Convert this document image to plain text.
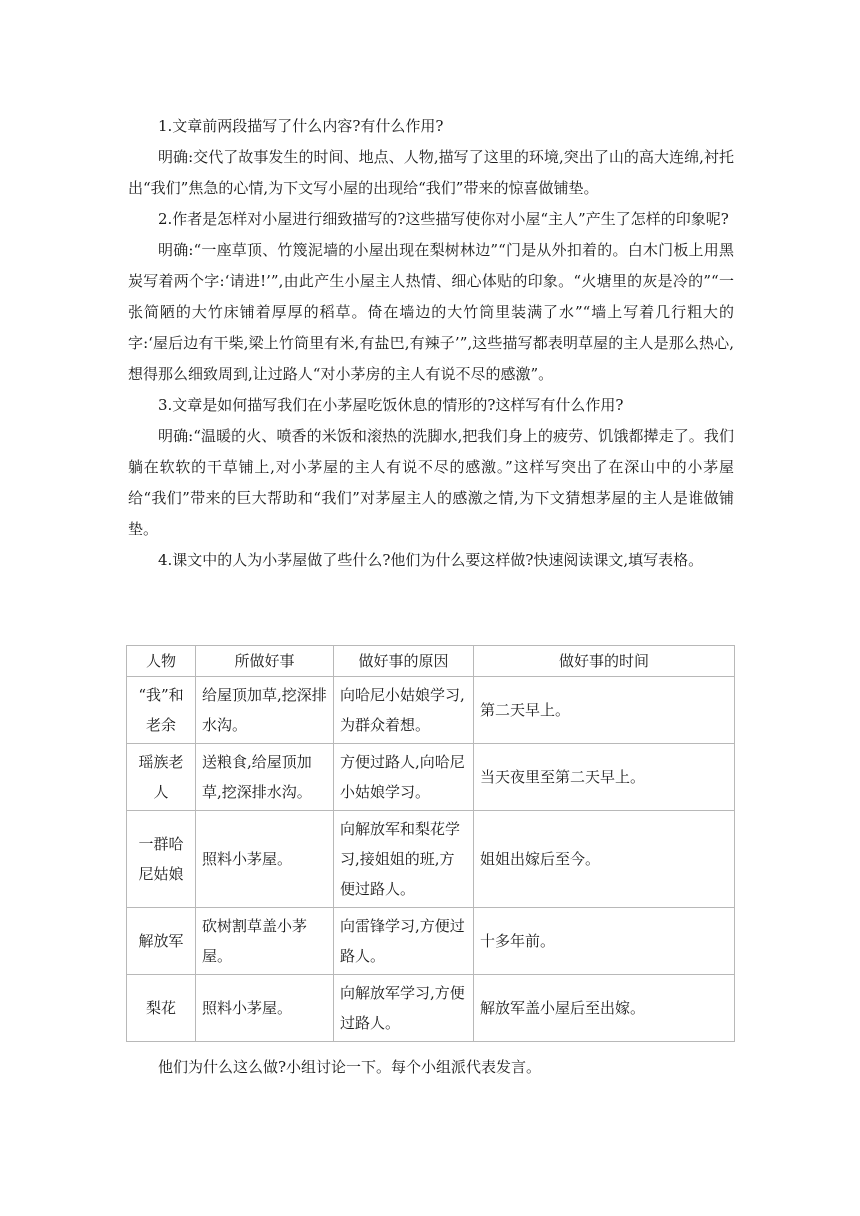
1.文章前两段描写了什么内容?有什么作用?

明确:交代了故事发生的时间、地点、人物,描写了这里的环境,突出了山的高大连绵,衬托出“我们”焦急的心情,为下文写小屋的出现给“我们”带来的惊喜做铺垫。

2.作者是怎样对小屋进行细致描写的?这些描写使你对小屋“主人”产生了怎样的印象呢?

明确:“一座草顶、竹篾泥墙的小屋出现在梨树林边”“门是从外扣着的。白木门板上用黑炭写着两个字:‘请进!’”,由此产生小屋主人热情、细心体贴的印象。“火塘里的灰是冷的”“一张简陋的大竹床铺着厚厚的稻草。倚在墙边的大竹筒里装满了水”“墙上写着几行粗大的字:‘屋后边有干柴,梁上竹筒里有米,有盐巴,有辣子’”,这些描写都表明草屋的主人是那么热心,想得那么细致周到,让过路人“对小茅房的主人有说不尽的感激”。

3.文章是如何描写我们在小茅屋吃饭休息的情形的?这样写有什么作用?

明确:“温暖的火、喷香的米饭和滚热的洗脚水,把我们身上的疲劳、饥饿都撵走了。我们躺在软软的干草铺上,对小茅屋的主人有说不尽的感激。”这样写突出了在深山中的小茅屋给“我们”带来的巨大帮助和“我们”对茅屋主人的感激之情,为下文猜想茅屋的主人是谁做铺垫。

4.课文中的人为小茅屋做了些什么?他们为什么要这样做?快速阅读课文,填写表格。

人物	所做好事	做好事的原因	做好事的时间
“我”和老余	给屋顶加草,挖深排水沟。	向哈尼小姑娘学习,为群众着想。	第二天早上。
瑶族老人	送粮食,给屋顶加草,挖深排水沟。	方便过路人,向哈尼小姑娘学习。	当天夜里至第二天早上。
一群哈尼姑娘	照料小茅屋。	向解放军和梨花学习,接姐姐的班,方便过路人。	姐姐出嫁后至今。
解放军	砍树割草盖小茅屋。	向雷锋学习,方便过路人。	十多年前。
梨花	照料小茅屋。	向解放军学习,方便过路人。	解放军盖小屋后至出嫁。

他们为什么这么做?小组讨论一下。每个小组派代表发言。
